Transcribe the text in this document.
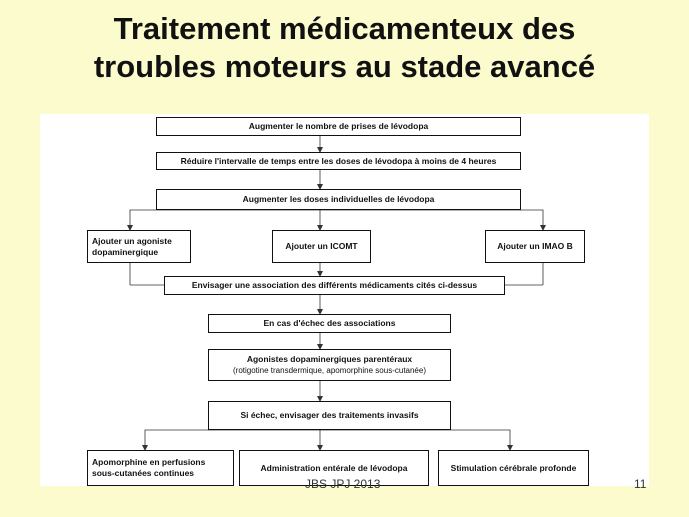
Traitement médicamenteux des
troubles moteurs au stade avancé
Augmenter le nombre de prises de lévodopa
Réduire l'intervalle de temps entre les doses de lévodopa à moins de 4 heures
Augmenter les doses individuelles de lévodopa
Ajouter un agoniste
dopaminergique
Ajouter un ICOMT	Ajouter un IMAO B
Envisager une association des différents médicaments cités ci-dessus
En cas d'échec des associations
Agonistes dopaminergiques parentéraux
(rotigotine transdermique, apomorphine sous-cutanée)
Si échec, envisager des traitements invasifs
Apomorphine en perfusions
sous-cutanées continues
Administration entérale de lévodopa	Stimulation cérébrale profonde
JBS JPJ 2013	11
